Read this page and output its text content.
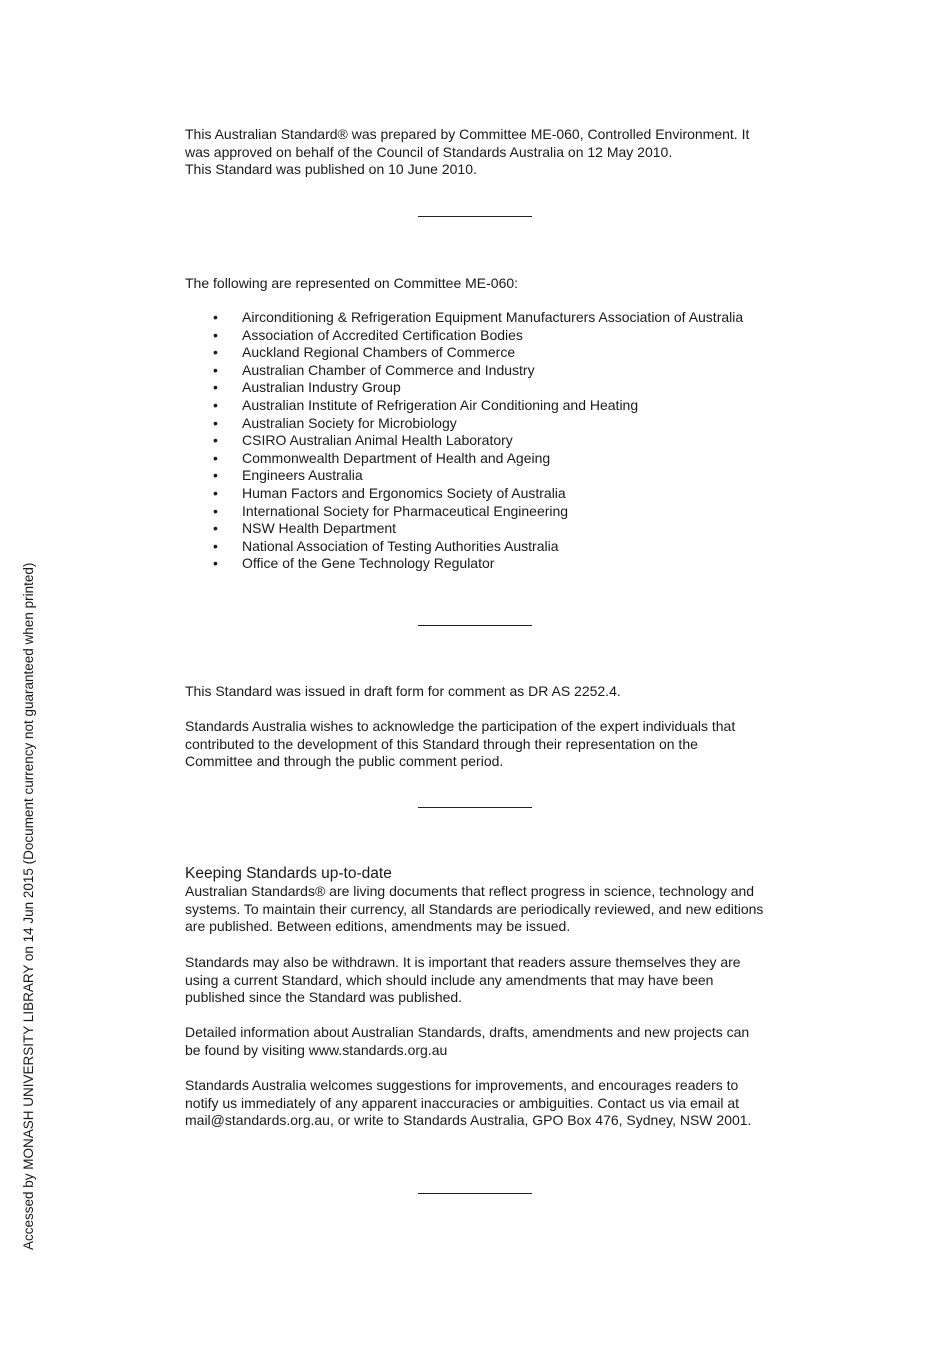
Accessed by MONASH UNIVERSITY LIBRARY on 14 Jun 2015 (Document currency not guaranteed when printed)

This Australian Standard® was prepared by Committee ME-060, Controlled Environment. It

was approved on behalf of the Council of Standards Australia on 12 May 2010.

This Standard was published on 10 June 2010.

The following are represented on Committee ME-060:

• Airconditioning & Refrigeration Equipment Manufacturers Association of Australia
• Association of Accredited Certification Bodies
• Auckland Regional Chambers of Commerce
• Australian Chamber of Commerce and Industry
• Australian Industry Group
• Australian Institute of Refrigeration Air Conditioning and Heating
• Australian Society for Microbiology
• CSIRO Australian Animal Health Laboratory
• Commonwealth Department of Health and Ageing
• Engineers Australia
• Human Factors and Ergonomics Society of Australia
• International Society for Pharmaceutical Engineering
• NSW Health Department
• National Association of Testing Authorities Australia
• Office of the Gene Technology Regulator

This Standard was issued in draft form for comment as DR AS 2252.4.

Standards Australia wishes to acknowledge the participation of the expert individuals that

contributed to the development of this Standard through their representation on the

Committee and through the public comment period.

Keeping Standards up-to-date

Australian Standards® are living documents that reflect progress in science, technology and

systems. To maintain their currency, all Standards are periodically reviewed, and new editions

are published. Between editions, amendments may be issued.

Standards may also be withdrawn. It is important that readers assure themselves they are

using a current Standard, which should include any amendments that may have been

published since the Standard was published.

Detailed information about Australian Standards, drafts, amendments and new projects can

be found by visiting www.standards.org.au

Standards Australia welcomes suggestions for improvements, and encourages readers to

notify us immediately of any apparent inaccuracies or ambiguities. Contact us via email at

mail@standards.org.au, or write to Standards Australia, GPO Box 476, Sydney, NSW 2001.
